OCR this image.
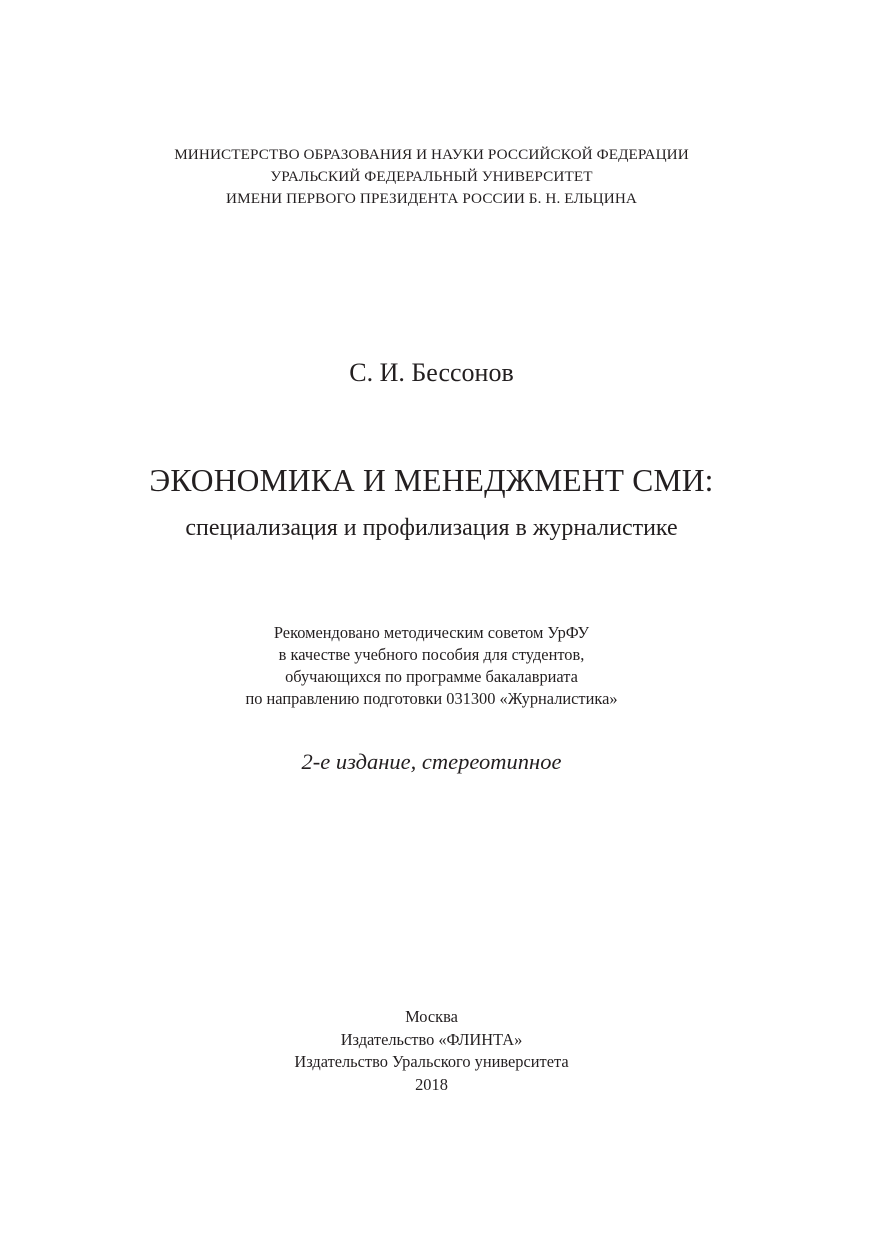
МИНИСТЕРСТВО ОБРАЗОВАНИЯ И НАУКИ РОССИЙСКОЙ ФЕДЕРАЦИИ
УРАЛЬСКИЙ ФЕДЕРАЛЬНЫЙ УНИВЕРСИТЕТ
ИМЕНИ ПЕРВОГО ПРЕЗИДЕНТА РОССИИ Б. Н. ЕЛЬЦИНА
С. И. Бессонов
ЭКОНОМИКА И МЕНЕДЖМЕНТ СМИ:
специализация и профилизация в журналистике
Рекомендовано методическим советом УрФУ
в качестве учебного пособия для студентов,
обучающихся по программе бакалавриата
по направлению подготовки 031300 «Журналистика»
2-е издание, стереотипное
Москва
Издательство «ФЛИНТА»
Издательство Уральского университета
2018
